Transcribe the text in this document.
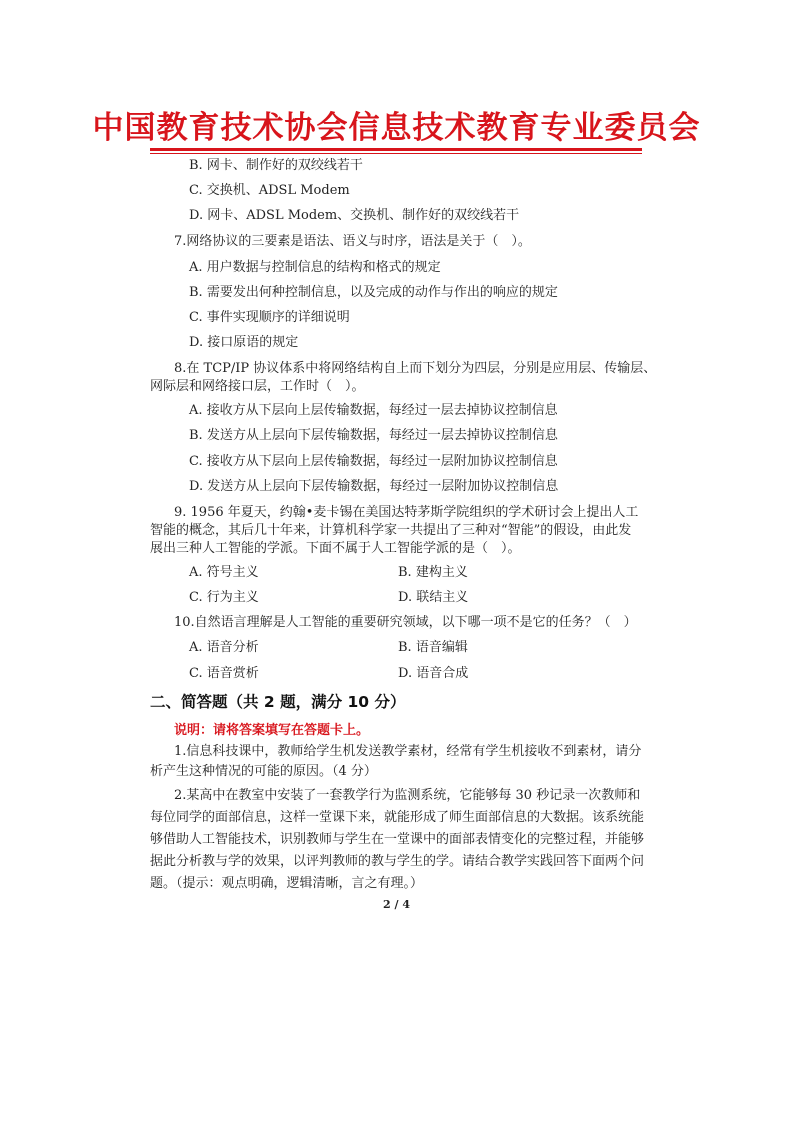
中国教育技术协会信息技术教育专业委员会
B. 网卡、制作好的双绞线若干
C. 交换机、ADSL Modem
D. 网卡、ADSL Modem、交换机、制作好的双绞线若干
7.网络协议的三要素是语法、语义与时序，语法是关于（　）。
A. 用户数据与控制信息的结构和格式的规定
B. 需要发出何种控制信息，以及完成的动作与作出的响应的规定
C. 事件实现顺序的详细说明
D. 接口原语的规定
8.在 TCP/IP 协议体系中将网络结构自上而下划分为四层，分别是应用层、传输层、
网际层和网络接口层，工作时（　）。
A. 接收方从下层向上层传输数据，每经过一层去掉协议控制信息
B. 发送方从上层向下层传输数据，每经过一层去掉协议控制信息
C. 接收方从下层向上层传输数据，每经过一层附加协议控制信息
D. 发送方从上层向下层传输数据，每经过一层附加协议控制信息
9. 1956 年夏天，约翰•麦卡锡在美国达特茅斯学院组织的学术研讨会上提出人工
智能的概念，其后几十年来，计算机科学家一共提出了三种对“智能”的假设，由此发
展出三种人工智能的学派。下面不属于人工智能学派的是（　）。
A. 符号主义	B. 建构主义
C. 行为主义	D. 联结主义
10.自然语言理解是人工智能的重要研究领域，以下哪一项不是它的任务？（　）
A. 语音分析	B. 语音编辑
C. 语音赏析	D. 语音合成
二、简答题（共 2 题，满分 10 分）
说明：请将答案填写在答题卡上。
1.信息科技课中，教师给学生机发送教学素材，经常有学生机接收不到素材，请分
析产生这种情况的可能的原因。（4 分）
2.某高中在教室中安装了一套教学行为监测系统，它能够每 30 秒记录一次教师和
每位同学的面部信息，这样一堂课下来，就能形成了师生面部信息的大数据。该系统能
够借助人工智能技术，识别教师与学生在一堂课中的面部表情变化的完整过程，并能够
据此分析教与学的效果，以评判教师的教与学生的学。请结合教学实践回答下面两个问
题。（提示：观点明确，逻辑清晰，言之有理。）
2 / 4
